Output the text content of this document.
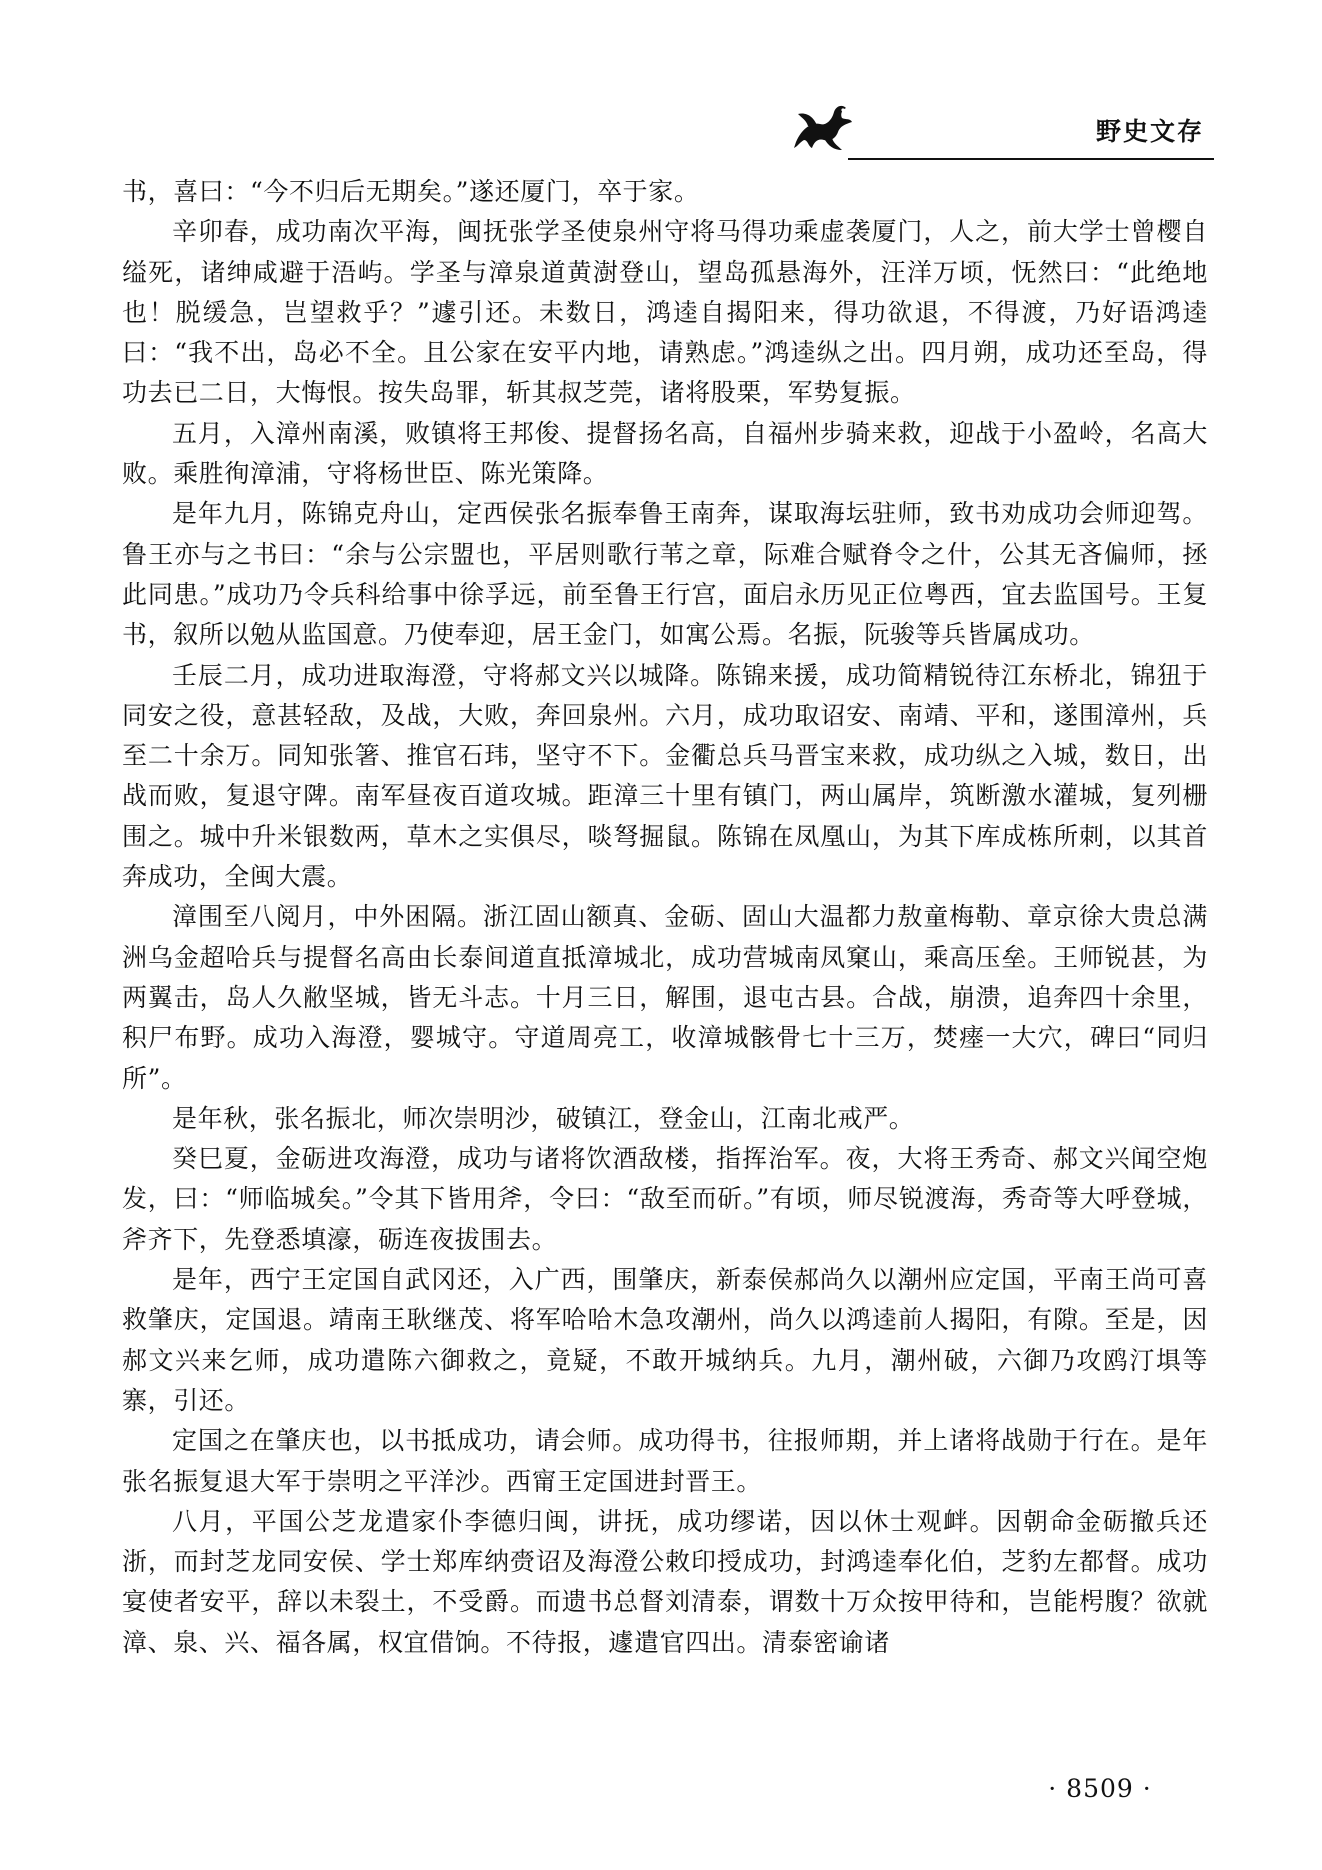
野史文存

书，喜曰：“今不归后无期矣。”遂还厦门，卒于家。

辛卯春，成功南次平海，闽抚张学圣使泉州守将马得功乘虚袭厦门，人之，前大学士曾樱自缢死，诸绅咸避于浯屿。学圣与漳泉道黄澍登山，望岛孤悬海外，汪洋万顷，怃然曰：“此绝地也！脱缓急，岂望救乎？”遽引还。未数日，鸿逵自揭阳来，得功欲退，不得渡，乃好语鸿逵曰：“我不出，岛必不全。且公家在安平内地，请熟虑。”鸿逵纵之出。四月朔，成功还至岛，得功去已二日，大悔恨。按失岛罪，斩其叔芝莞，诸将股栗，军势复振。

五月，入漳州南溪，败镇将王邦俊、提督扬名高，自福州步骑来救，迎战于小盈岭，名高大败。乘胜徇漳浦，守将杨世臣、陈光策降。

是年九月，陈锦克舟山，定西侯张名振奉鲁王南奔，谋取海坛驻师，致书劝成功会师迎驾。鲁王亦与之书曰：“余与公宗盟也，平居则歌行苇之章，际难合赋脊令之什，公其无吝偏师，拯此同患。”成功乃令兵科给事中徐孚远，前至鲁王行宫，面启永历见正位粤西，宜去监国号。王复书，叙所以勉从监国意。乃使奉迎，居王金门，如寓公焉。名振，阮骏等兵皆属成功。

壬辰二月，成功进取海澄，守将郝文兴以城降。陈锦来援，成功简精锐待江东桥北，锦狃于同安之役，意甚轻敌，及战，大败，奔回泉州。六月，成功取诏安、南靖、平和，遂围漳州，兵至二十余万。同知张箸、推官石玮，坚守不下。金衢总兵马晋宝来救，成功纵之入城，数日，出战而败，复退守陴。南军昼夜百道攻城。距漳三十里有镇门，两山属岸，筑断激水灌城，复列栅围之。城中升米银数两，草木之实俱尽，啖弩掘鼠。陈锦在凤凰山，为其下库成栋所刺，以其首奔成功，全闽大震。

漳围至八阅月，中外困隔。浙江固山额真、金砺、固山大温都力敖童梅勒、章京徐大贵总满洲乌金超哈兵与提督名高由长泰间道直抵漳城北，成功营城南凤窠山，乘高压垒。王师锐甚，为两翼击，岛人久敝坚城，皆无斗志。十月三日，解围，退屯古县。合战，崩溃，追奔四十余里，积尸布野。成功入海澄，婴城守。守道周亮工，收漳城骸骨七十三万，焚瘗一大穴，碑曰“同归所”。

是年秋，张名振北，师次崇明沙，破镇江，登金山，江南北戒严。

癸巳夏，金砺进攻海澄，成功与诸将饮酒敌楼，指挥治军。夜，大将王秀奇、郝文兴闻空炮发，曰：“师临城矣。”令其下皆用斧，令曰：“敌至而斫。”有顷，师尽锐渡海，秀奇等大呼登城，斧齐下，先登悉填濠，砺连夜拔围去。

是年，西宁王定国自武冈还，入广西，围肇庆，新泰侯郝尚久以潮州应定国，平南王尚可喜救肇庆，定国退。靖南王耿继茂、将军哈哈木急攻潮州，尚久以鸿逵前人揭阳，有隙。至是，因郝文兴来乞师，成功遣陈六御救之，竟疑，不敢开城纳兵。九月，潮州破，六御乃攻鸥汀埧等寨，引还。

定国之在肇庆也，以书抵成功，请会师。成功得书，往报师期，并上诸将战勋于行在。是年张名振复退大军于崇明之平洋沙。西甯王定国进封晋王。

八月，平国公芝龙遣家仆李德归闽，讲抚，成功缪诺，因以休士观衅。因朝命金砺撤兵还浙，而封芝龙同安侯、学士郑库纳赍诏及海澄公敕印授成功，封鸿逵奉化伯，芝豹左都督。成功宴使者安平，辞以未裂土，不受爵。而遗书总督刘清泰，谓数十万众按甲待和，岂能枵腹？欲就漳、泉、兴、福各属，权宜借饷。不待报，遽遣官四出。清泰密谕诸

· 8509 ·
